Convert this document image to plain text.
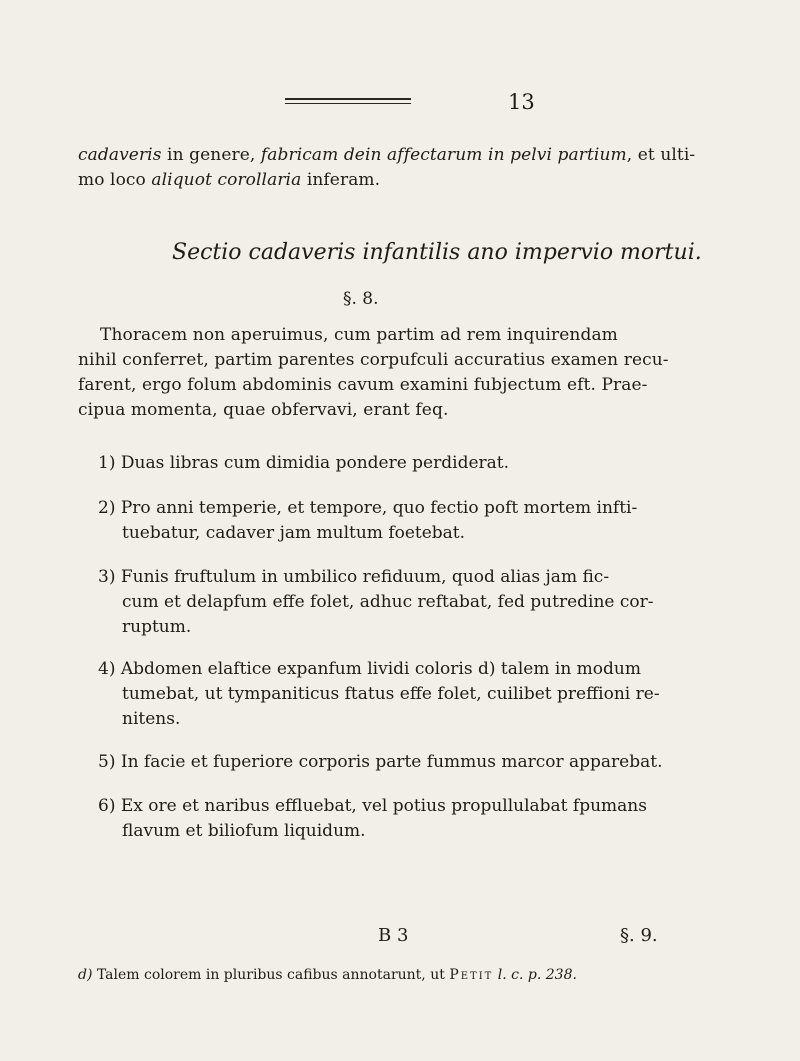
13
cadaveris in genere, fabricam dein affectarum in pelvi partium, et ulti-
mo loco aliquot corollaria inferam.
Sectio cadaveris infantilis ano impervio mortui.
§. 8.
Thoracem non aperuimus, cum partim ad rem inquirendam
nihil conferret, partim parentes corpufculi accuratius examen recu-
farent, ergo folum abdominis cavum examini fubjectum eft. Prae-
cipua momenta, quae obfervavi, erant feq.
1) Duas libras cum dimidia pondere perdiderat.
2) Pro anni temperie, et tempore, quo fectio poft mortem infti-
tuebatur, cadaver jam multum foetebat.
3) Funis fruftulum in umbilico refiduum, quod alias jam fic-
cum et delapfum effe folet, adhuc reftabat, fed putredine cor-
ruptum.
4) Abdomen elaftice expanfum lividi coloris d) talem in modum
tumebat, ut tympaniticus ftatus effe folet, cuilibet preffioni re-
nitens.
5) In facie et fuperiore corporis parte fummus marcor apparebat.
6) Ex ore et naribus effluebat, vel potius propullulabat fpumans
flavum et biliofum liquidum.
B 3	§. 9.
d) Talem colorem in pluribus cafibus annotarunt, ut Petit l. c. p. 238.
